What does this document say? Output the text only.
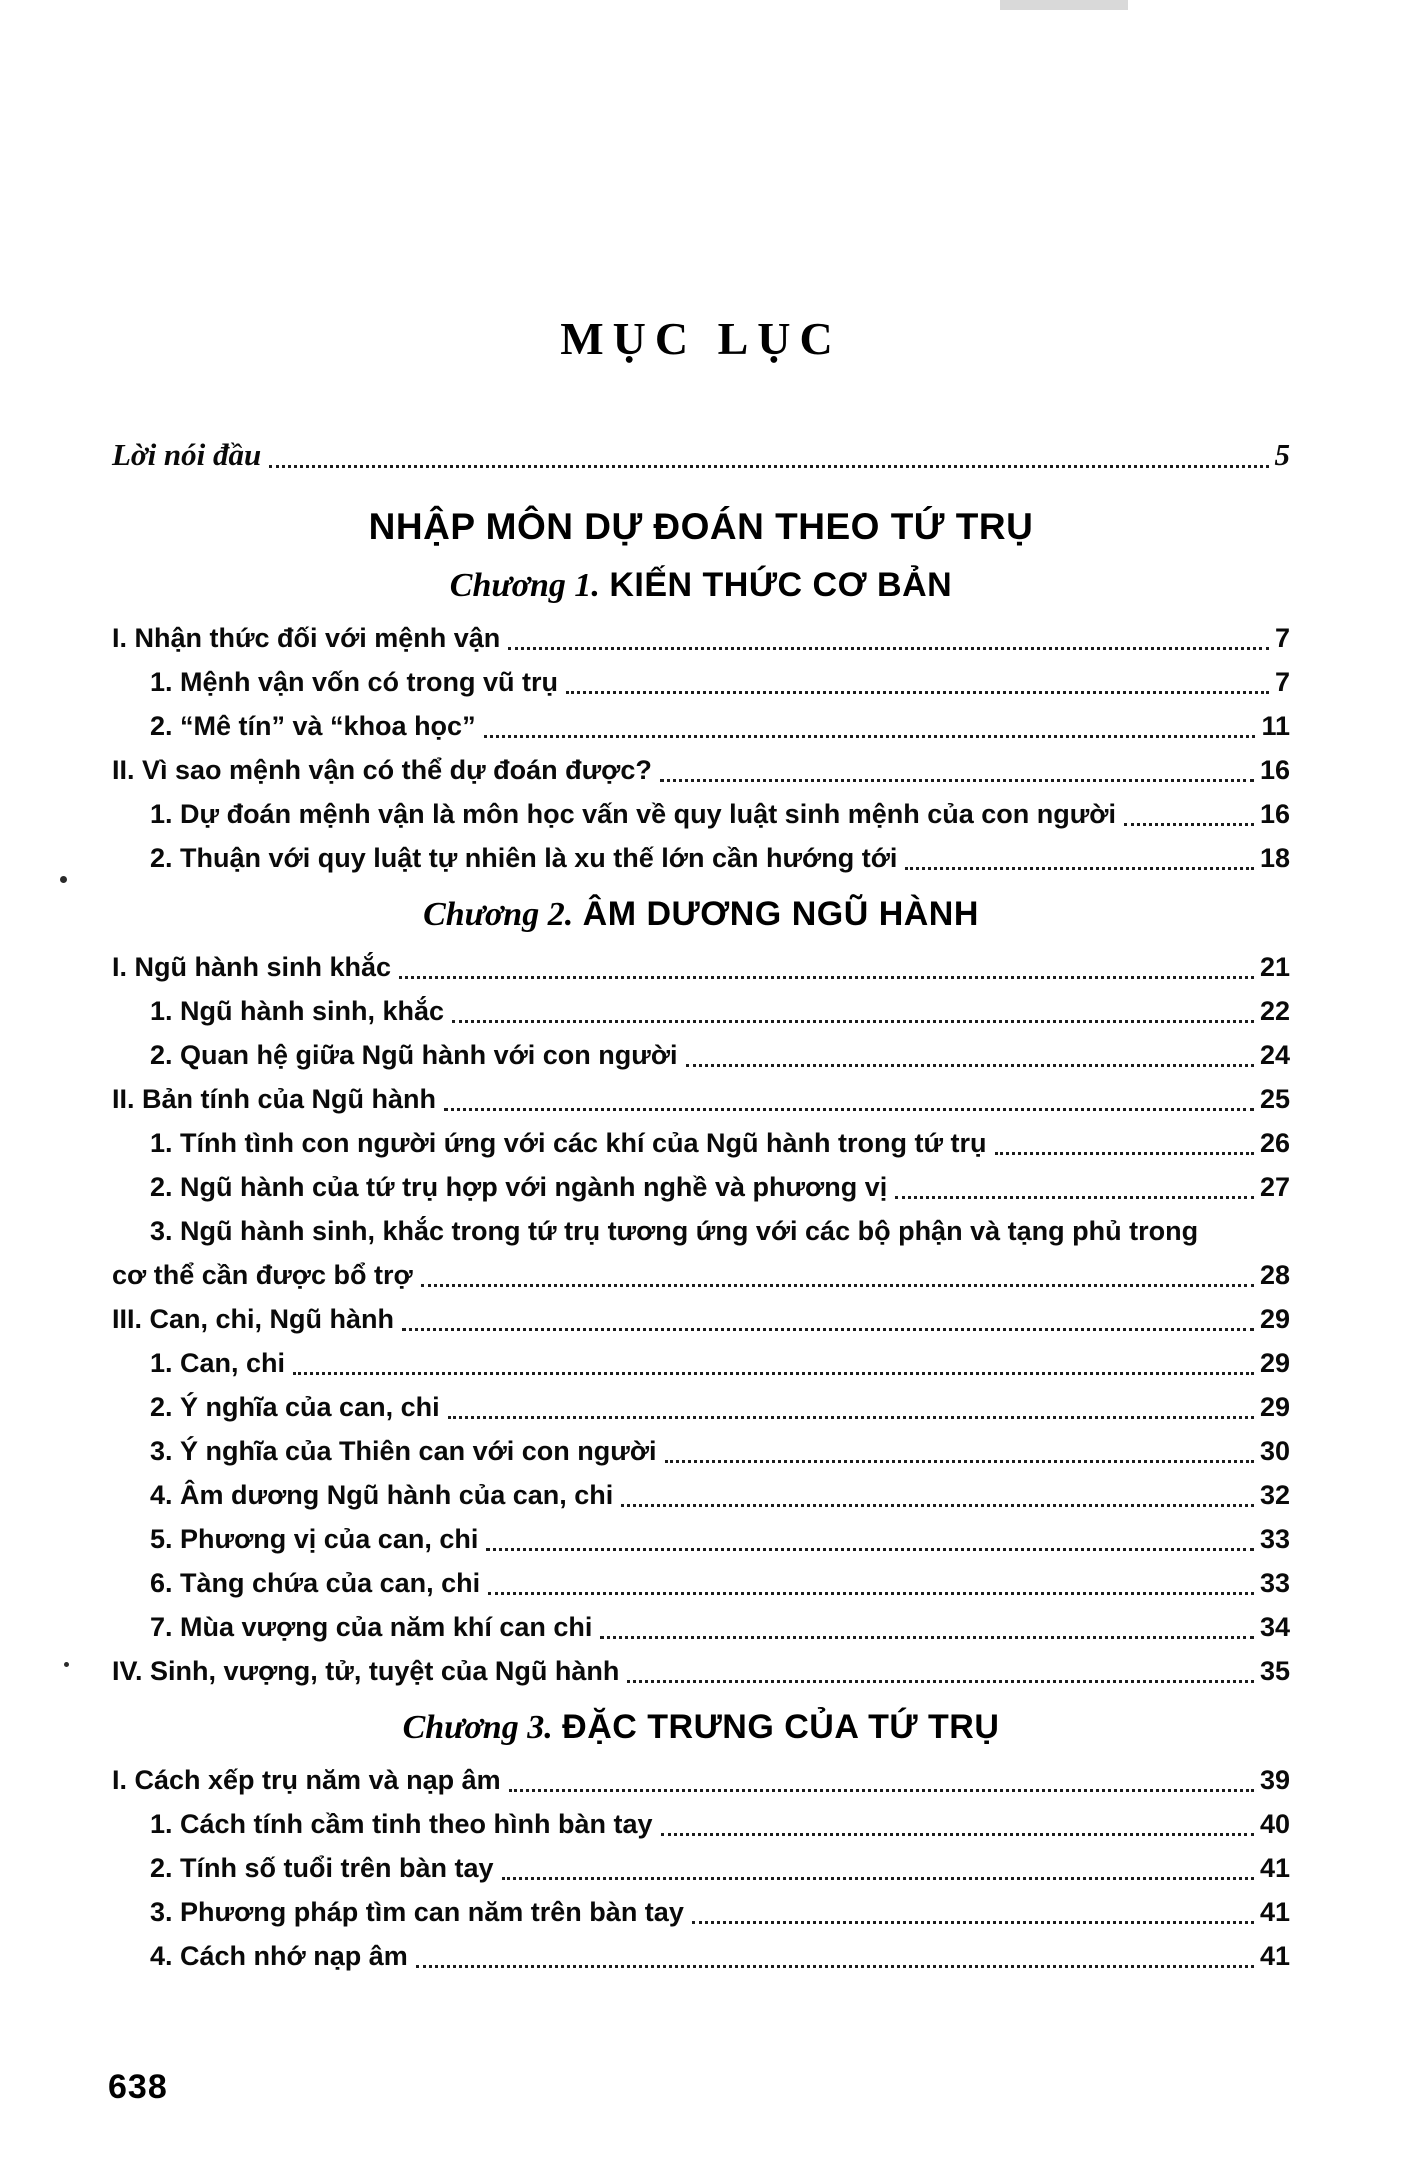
MỤC LỤC
Lời nói đầu	5
NHẬP MÔN DỰ ĐOÁN THEO TỨ TRỤ
Chương 1. KIẾN THỨC CƠ BẢN
I. Nhận thức đối với mệnh vận	7
1. Mệnh vận vốn có trong vũ trụ	7
2. “Mê tín” và “khoa học”	11
II. Vì sao mệnh vận có thể dự đoán được?	16
1. Dự đoán mệnh vận là môn học vấn về quy luật sinh mệnh của con người	16
2. Thuận với quy luật tự nhiên là xu thế lớn cần hướng tới	18
Chương 2. ÂM DƯƠNG NGŨ HÀNH
I. Ngũ hành sinh khắc	21
1. Ngũ hành sinh, khắc	22
2. Quan hệ giữa Ngũ hành với con người	24
II. Bản tính của Ngũ hành	25
1. Tính tình con người ứng với các khí của Ngũ hành trong tứ trụ	26
2. Ngũ hành của tứ trụ hợp với ngành nghề và phương vị	27
3. Ngũ hành sinh, khắc trong tứ trụ tương ứng với các bộ phận và tạng phủ trong
cơ thể cần được bổ trợ	28
III. Can, chi, Ngũ hành	29
1. Can, chi	29
2. Ý nghĩa của can, chi	29
3. Ý nghĩa của Thiên can với con người	30
4. Âm dương Ngũ hành của can, chi	32
5. Phương vị của can, chi	33
6. Tàng chứa của can, chi	33
7. Mùa vượng của năm khí can chi	34
IV. Sinh, vượng, tử, tuyệt của Ngũ hành	35
Chương 3. ĐẶC TRƯNG CỦA TỨ TRỤ
I. Cách xếp trụ năm và nạp âm	39
1. Cách tính cầm tinh theo hình bàn tay	40
2. Tính số tuổi trên bàn tay	41
3. Phương pháp tìm can năm trên bàn tay	41
4. Cách nhớ nạp âm	41
638
